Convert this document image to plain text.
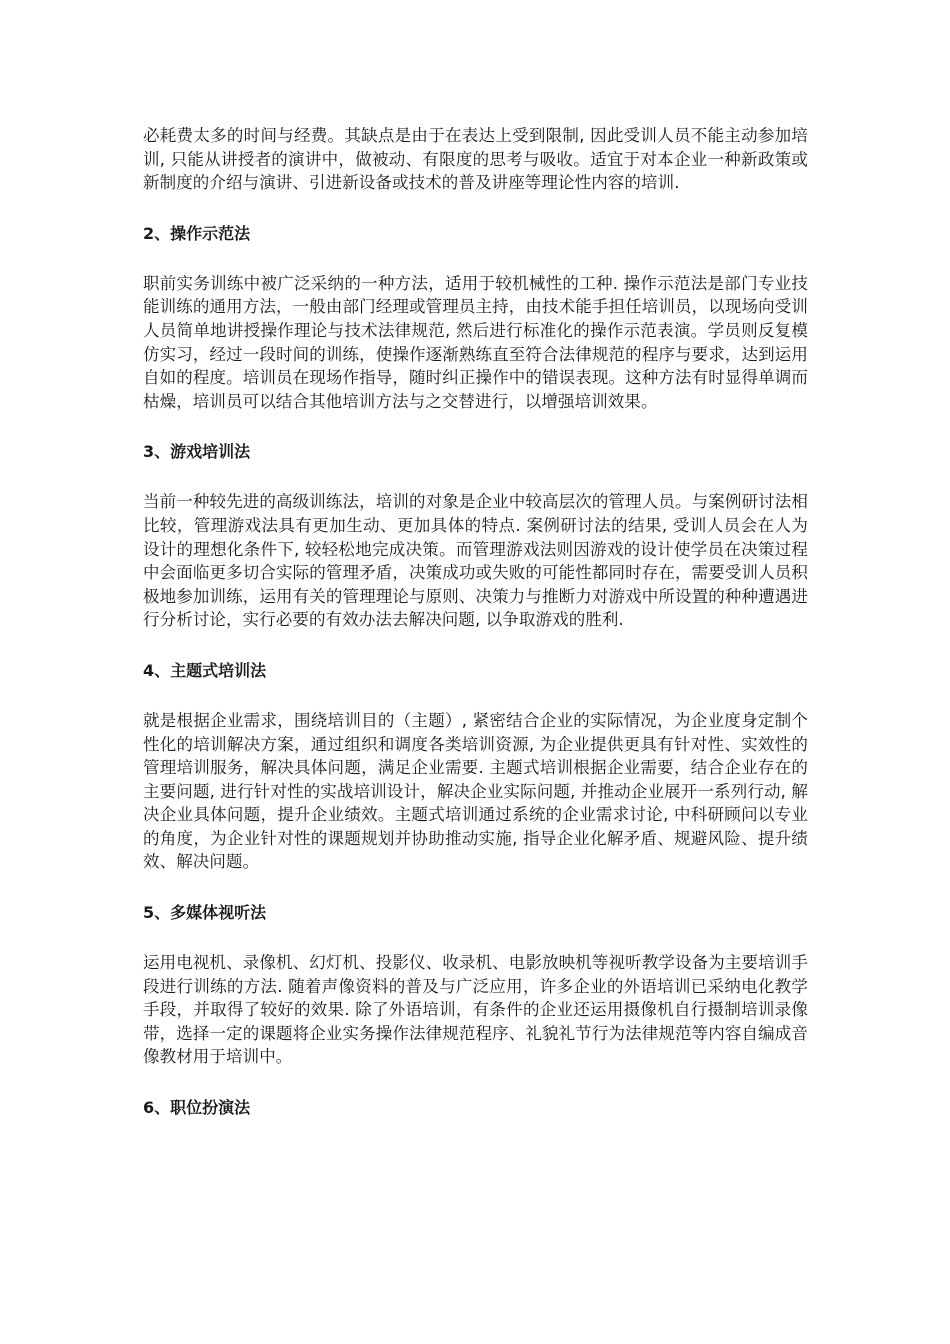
必耗费太多的时间与经费。其缺点是由于在表达上受到限制, 因此受训人员不能主动参加培训, 只能从讲授者的演讲中，做被动、有限度的思考与吸收。适宜于对本企业一种新政策或新制度的介绍与演讲、引进新设备或技术的普及讲座等理论性内容的培训.

2、操作示范法

职前实务训练中被广泛采纳的一种方法，适用于较机械性的工种. 操作示范法是部门专业技能训练的通用方法，一般由部门经理或管理员主持，由技术能手担任培训员，以现场向受训人员简单地讲授操作理论与技术法律规范, 然后进行标准化的操作示范表演。学员则反复模仿实习，经过一段时间的训练，使操作逐渐熟练直至符合法律规范的程序与要求，达到运用自如的程度。培训员在现场作指导，随时纠正操作中的错误表现。这种方法有时显得单调而枯燥，培训员可以结合其他培训方法与之交替进行，以增强培训效果。

3、游戏培训法

当前一种较先进的高级训练法，培训的对象是企业中较高层次的管理人员。与案例研讨法相比较，管理游戏法具有更加生动、更加具体的特点. 案例研讨法的结果, 受训人员会在人为设计的理想化条件下, 较轻松地完成决策。而管理游戏法则因游戏的设计使学员在决策过程中会面临更多切合实际的管理矛盾，决策成功或失败的可能性都同时存在，需要受训人员积极地参加训练，运用有关的管理理论与原则、决策力与推断力对游戏中所设置的种种遭遇进行分析讨论，实行必要的有效办法去解决问题, 以争取游戏的胜利.

4、主题式培训法

就是根据企业需求，围绕培训目的（主题）, 紧密结合企业的实际情况，为企业度身定制个性化的培训解决方案，通过组织和调度各类培训资源, 为企业提供更具有针对性、实效性的管理培训服务，解决具体问题，满足企业需要. 主题式培训根据企业需要，结合企业存在的主要问题, 进行针对性的实战培训设计，解决企业实际问题, 并推动企业展开一系列行动, 解决企业具体问题，提升企业绩效。主题式培训通过系统的企业需求讨论, 中科研顾问以专业的角度，为企业针对性的课题规划并协助推动实施, 指导企业化解矛盾、规避风险、提升绩效、解决问题。

5、多媒体视听法

运用电视机、录像机、幻灯机、投影仪、收录机、电影放映机等视听教学设备为主要培训手段进行训练的方法. 随着声像资料的普及与广泛应用，许多企业的外语培训已采纳电化教学手段，并取得了较好的效果. 除了外语培训，有条件的企业还运用摄像机自行摄制培训录像带，选择一定的课题将企业实务操作法律规范程序、礼貌礼节行为法律规范等内容自编成音像教材用于培训中。

6、职位扮演法
